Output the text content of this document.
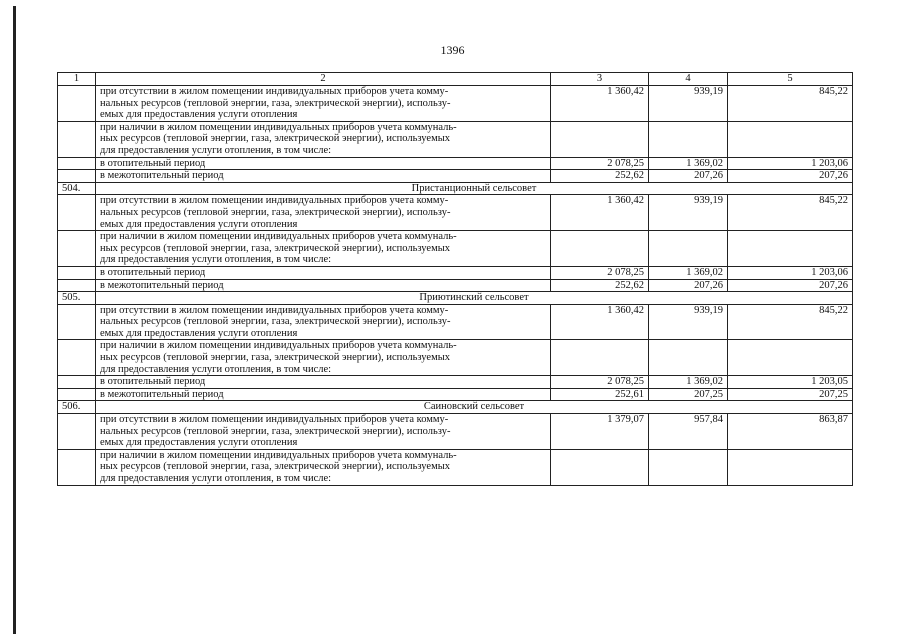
1396
1	2	3	4	5
	при отсутствии в жилом помещении индивидуальных приборов учета комму-
нальных ресурсов (тепловой энергии, газа, электрической энергии), использу-
емых для предоставления услуги отопления	1 360,42	939,19	845,22
	при наличии в жилом помещении индивидуальных приборов учета коммуналь-
ных ресурсов (тепловой энергии, газа, электрической энергии), используемых
для предоставления услуги отопления, в том числе:			
	в отопительный период	2 078,25	1 369,02	1 203,06
	в межотопительный период	252,62	207,26	207,26
504.	Пристанционный сельсовет			
	при отсутствии в жилом помещении индивидуальных приборов учета комму-
нальных ресурсов (тепловой энергии, газа, электрической энергии), использу-
емых для предоставления услуги отопления	1 360,42	939,19	845,22
	при наличии в жилом помещении индивидуальных приборов учета коммуналь-
ных ресурсов (тепловой энергии, газа, электрической энергии), используемых
для предоставления услуги отопления, в том числе:			
	в отопительный период	2 078,25	1 369,02	1 203,06
	в межотопительный период	252,62	207,26	207,26
505.	Приютинский сельсовет			
	при отсутствии в жилом помещении индивидуальных приборов учета комму-
нальных ресурсов (тепловой энергии, газа, электрической энергии), использу-
емых для предоставления услуги отопления	1 360,42	939,19	845,22
	при наличии в жилом помещении индивидуальных приборов учета коммуналь-
ных ресурсов (тепловой энергии, газа, электрической энергии), используемых
для предоставления услуги отопления, в том числе:			
	в отопительный период	2 078,25	1 369,02	1 203,05
	в межотопительный период	252,61	207,25	207,25
506.	Саиновский сельсовет			
	при отсутствии в жилом помещении индивидуальных приборов учета комму-
нальных ресурсов (тепловой энергии, газа, электрической энергии), использу-
емых для предоставления услуги отопления	1 379,07	957,84	863,87
	при наличии в жилом помещении индивидуальных приборов учета коммуналь-
ных ресурсов (тепловой энергии, газа, электрической энергии), используемых
для предоставления услуги отопления, в том числе:			
